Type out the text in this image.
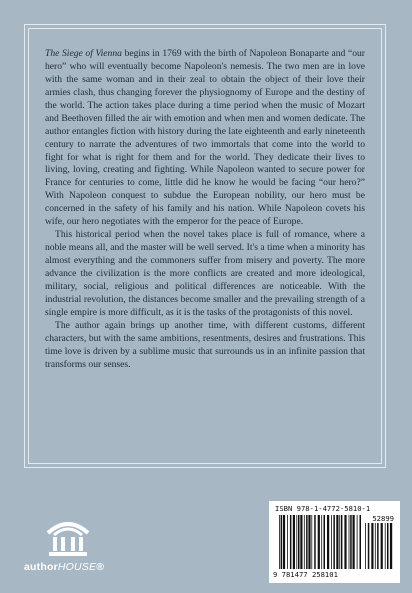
The Siege of Vienna begins in 1769 with the birth of Napoleon Bonaparte and “our hero” who will eventually become Napoleon's nemesis. The two men are in love with the same woman and in their zeal to obtain the object of their love their armies clash, thus changing forever the physiognomy of Europe and the destiny of the world. The action takes place during a time period when the music of Mozart and Beethoven filled the air with emotion and when men and women dedicate. The author entangles fiction with history during the late eighteenth and early nineteenth century to narrate the adventures of two immortals that come into the world to fight for what is right for them and for the world. They dedicate their lives to living, loving, creating and fighting. While Napoleon wanted to secure power for France for centuries to come, little did he know he would be facing “our hero?” With Napoleon conquest to subdue the European nobility, our hero must be concerned in the safety of his family and his nation. While Napoleon covets his wife, our hero negotiates with the emperor for the peace of Europe.

This historical period when the novel takes place is full of romance, where a noble means all, and the master will be well served. It's a time when a minority has almost everything and the commoners suffer from misery and poverty. The more advance the civilization is the more conflicts are created and more ideological, military, social, religious and political differences are noticeable. With the industrial revolution, the distances become smaller and the prevailing strength of a single empire is more difficult, as it is the tasks of the protagonists of this novel.

The author again brings up another time, with different customs, different characters, but with the same ambitions, resentments, desires and frustrations. This time love is driven by a sublime music that surrounds us in an infinite passion that transforms our senses.

authorHOUSE®
ISBN 978-1-4772-5810-1
52899
9 781477 258101
